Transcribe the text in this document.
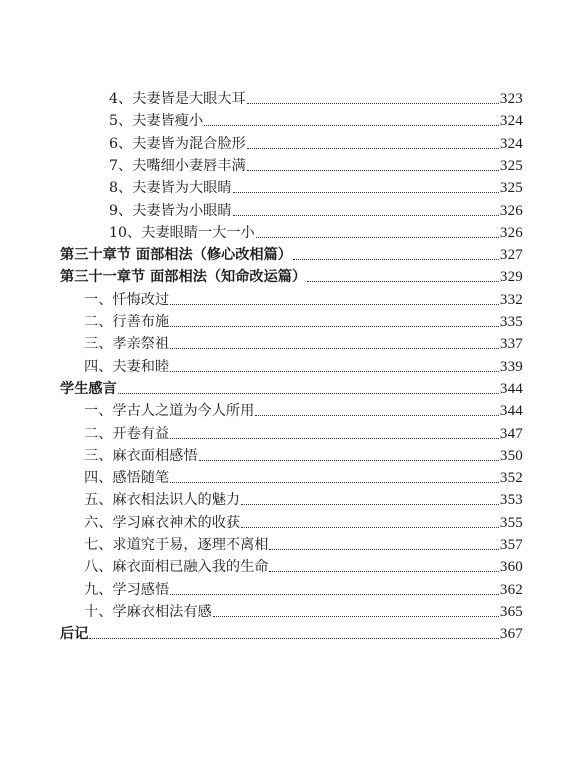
4、夫妻皆是大眼大耳	323
5、夫妻皆瘦小	324
6、夫妻皆为混合脸形	324
7、夫嘴细小妻唇丰满	325
8、夫妻皆为大眼睛	325
9、夫妻皆为小眼睛	326
10、夫妻眼睛一大一小	326
第三十章节 面部相法（修心改相篇）	327
第三十一章节 面部相法（知命改运篇）	329
一、忏悔改过	332
二、行善布施	335
三、孝亲祭祖	337
四、夫妻和睦	339
学生感言	344
一、学古人之道为今人所用	344
二、开卷有益	347
三、麻衣面相感悟	350
四、感悟随笔	352
五、麻衣相法识人的魅力	353
六、学习麻衣神术的收获	355
七、求道究于易，逐理不离相	357
八、麻衣面相已融入我的生命	360
九、学习感悟	362
十、学麻衣相法有感	365
后记	367
